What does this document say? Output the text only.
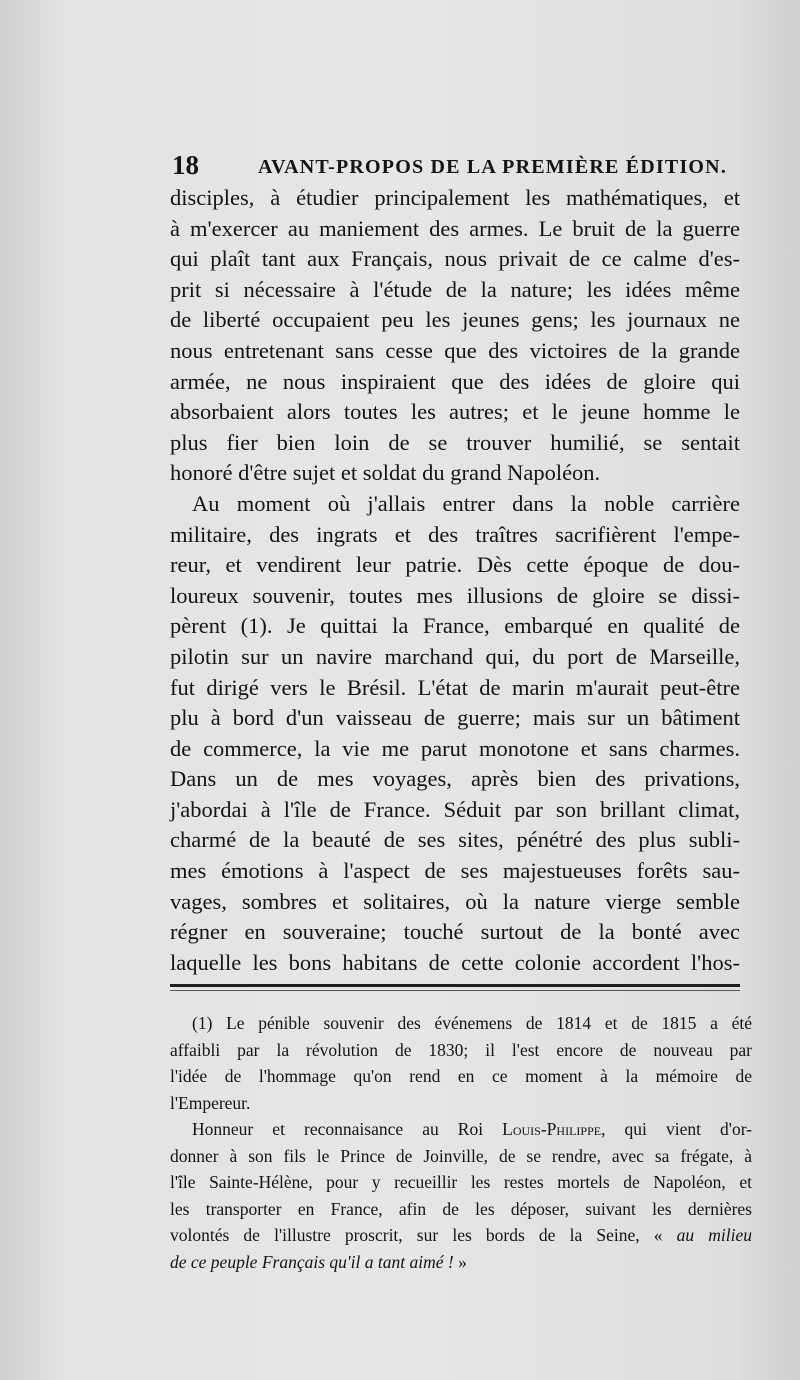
18	AVANT-PROPOS DE LA PREMIÈRE ÉDITION.
disciples, à étudier principalement les mathématiques, et
à m'exercer au maniement des armes. Le bruit de la guerre
qui plaît tant aux Français, nous privait de ce calme d'es-
prit si nécessaire à l'étude de la nature; les idées même
de liberté occupaient peu les jeunes gens; les journaux ne
nous entretenant sans cesse que des victoires de la grande
armée, ne nous inspiraient que des idées de gloire qui
absorbaient alors toutes les autres; et le jeune homme le
plus fier bien loin de se trouver humilié, se sentait
honoré d'être sujet et soldat du grand Napoléon.
Au moment où j'allais entrer dans la noble carrière
militaire, des ingrats et des traîtres sacrifièrent l'empe-
reur, et vendirent leur patrie. Dès cette époque de dou-
loureux souvenir, toutes mes illusions de gloire se dissi-
pèrent (1). Je quittai la France, embarqué en qualité de
pilotin sur un navire marchand qui, du port de Marseille,
fut dirigé vers le Brésil. L'état de marin m'aurait peut-être
plu à bord d'un vaisseau de guerre; mais sur un bâtiment
de commerce, la vie me parut monotone et sans charmes.
Dans un de mes voyages, après bien des privations,
j'abordai à l'île de France. Séduit par son brillant climat,
charmé de la beauté de ses sites, pénétré des plus subli-
mes émotions à l'aspect de ses majestueuses forêts sau-
vages, sombres et solitaires, où la nature vierge semble
régner en souveraine; touché surtout de la bonté avec
laquelle les bons habitans de cette colonie accordent l'hos-
(1) Le pénible souvenir des événemens de 1814 et de 1815 a été
affaibli par la révolution de 1830; il l'est encore de nouveau par
l'idée de l'hommage qu'on rend en ce moment à la mémoire de
l'Empereur.
Honneur et reconnaisance au Roi Louis-Philippe, qui vient d'or-
donner à son fils le Prince de Joinville, de se rendre, avec sa frégate, à
l'île Sainte-Hélène, pour y recueillir les restes mortels de Napoléon, et
les transporter en France, afin de les déposer, suivant les dernières
volontés de l'illustre proscrit, sur les bords de la Seine, « au milieu
de ce peuple Français qu'il a tant aimé ! »
